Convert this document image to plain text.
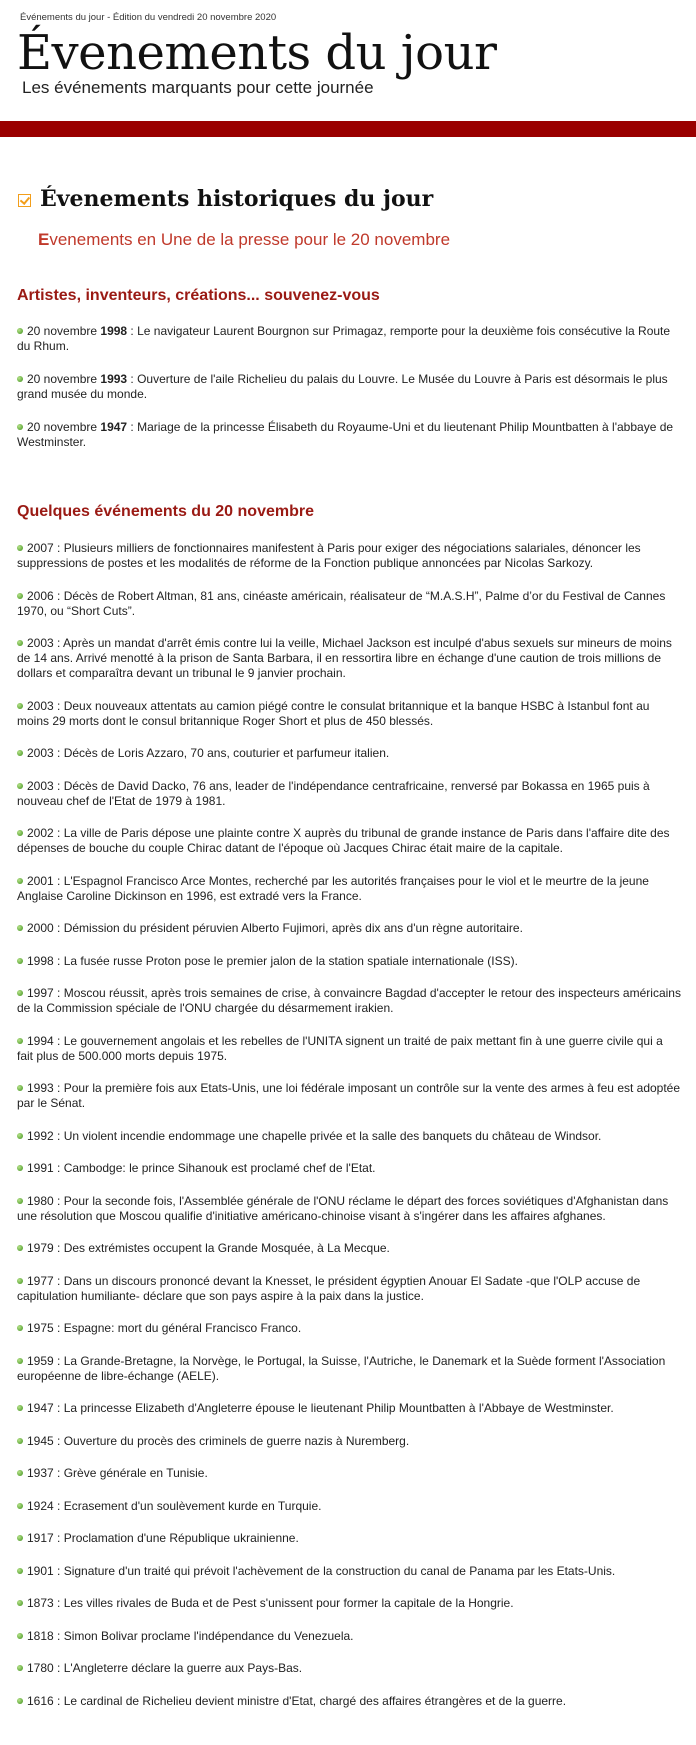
Événements du jour - Édition du vendredi 20 novembre 2020
Évenements du jour
Les événements marquants pour cette journée
Évenements historiques du jour
Evenements en Une de la presse pour le 20 novembre
Artistes, inventeurs, créations... souvenez-vous
20 novembre 1998 : Le navigateur Laurent Bourgnon sur Primagaz, remporte pour la deuxième fois consécutive la Route du Rhum.
20 novembre 1993 : Ouverture de l'aile Richelieu du palais du Louvre. Le Musée du Louvre à Paris est désormais le plus grand musée du monde.
20 novembre 1947 : Mariage de la princesse Élisabeth du Royaume-Uni et du lieutenant Philip Mountbatten à l'abbaye de Westminster.
Quelques événements du 20 novembre
2007 : Plusieurs milliers de fonctionnaires manifestent à Paris pour exiger des négociations salariales, dénoncer les suppressions de postes et les modalités de réforme de la Fonction publique annoncées par Nicolas Sarkozy.
2006 : Décès de Robert Altman, 81 ans, cinéaste américain, réalisateur de “M.A.S.H”, Palme d’or du Festival de Cannes 1970, ou “Short Cuts”.
2003 : Après un mandat d'arrêt émis contre lui la veille, Michael Jackson est inculpé d'abus sexuels sur mineurs de moins de 14 ans. Arrivé menotté à la prison de Santa Barbara, il en ressortira libre en échange d'une caution de trois millions de dollars et comparaîtra devant un tribunal le 9 janvier prochain.
2003 : Deux nouveaux attentats au camion piégé contre le consulat britannique et la banque HSBC à Istanbul font au moins 29 morts dont le consul britannique Roger Short et plus de 450 blessés.
2003 : Décès de Loris Azzaro, 70 ans, couturier et parfumeur italien.
2003 : Décès de David Dacko, 76 ans, leader de l'indépendance centrafricaine, renversé par Bokassa en 1965 puis à nouveau chef de l'Etat de 1979 à 1981.
2002 : La ville de Paris dépose une plainte contre X auprès du tribunal de grande instance de Paris dans l'affaire dite des dépenses de bouche du couple Chirac datant de l'époque où Jacques Chirac était maire de la capitale.
2001 : L'Espagnol Francisco Arce Montes, recherché par les autorités françaises pour le viol et le meurtre de la jeune Anglaise Caroline Dickinson en 1996, est extradé vers la France.
2000 : Démission du président péruvien Alberto Fujimori, après dix ans d'un règne autoritaire.
1998 : La fusée russe Proton pose le premier jalon de la station spatiale internationale (ISS).
1997 : Moscou réussit, après trois semaines de crise, à convaincre Bagdad d'accepter le retour des inspecteurs américains de la Commission spéciale de l'ONU chargée du désarmement irakien.
1994 : Le gouvernement angolais et les rebelles de l'UNITA signent un traité de paix mettant fin à une guerre civile qui a fait plus de 500.000 morts depuis 1975.
1993 : Pour la première fois aux Etats-Unis, une loi fédérale imposant un contrôle sur la vente des armes à feu est adoptée par le Sénat.
1992 : Un violent incendie endommage une chapelle privée et la salle des banquets du château de Windsor.
1991 : Cambodge: le prince Sihanouk est proclamé chef de l'Etat.
1980 : Pour la seconde fois, l'Assemblée générale de l'ONU réclame le départ des forces soviétiques d'Afghanistan dans une résolution que Moscou qualifie d'initiative américano-chinoise visant à s'ingérer dans les affaires afghanes.
1979 : Des extrémistes occupent la Grande Mosquée, à La Mecque.
1977 : Dans un discours prononcé devant la Knesset, le président égyptien Anouar El Sadate -que l'OLP accuse de capitulation humiliante- déclare que son pays aspire à la paix dans la justice.
1975 : Espagne: mort du général Francisco Franco.
1959 : La Grande-Bretagne, la Norvège, le Portugal, la Suisse, l'Autriche, le Danemark et la Suède forment l'Association européenne de libre-échange (AELE).
1947 : La princesse Elizabeth d'Angleterre épouse le lieutenant Philip Mountbatten à l'Abbaye de Westminster.
1945 : Ouverture du procès des criminels de guerre nazis à Nuremberg.
1937 : Grève générale en Tunisie.
1924 : Ecrasement d'un soulèvement kurde en Turquie.
1917 : Proclamation d'une République ukrainienne.
1901 : Signature d'un traité qui prévoit l'achèvement de la construction du canal de Panama par les Etats-Unis.
1873 : Les villes rivales de Buda et de Pest s'unissent pour former la capitale de la Hongrie.
1818 : Simon Bolivar proclame l'indépendance du Venezuela.
1780 : L'Angleterre déclare la guerre aux Pays-Bas.
1616 : Le cardinal de Richelieu devient ministre d'Etat, chargé des affaires étrangères et de la guerre.
